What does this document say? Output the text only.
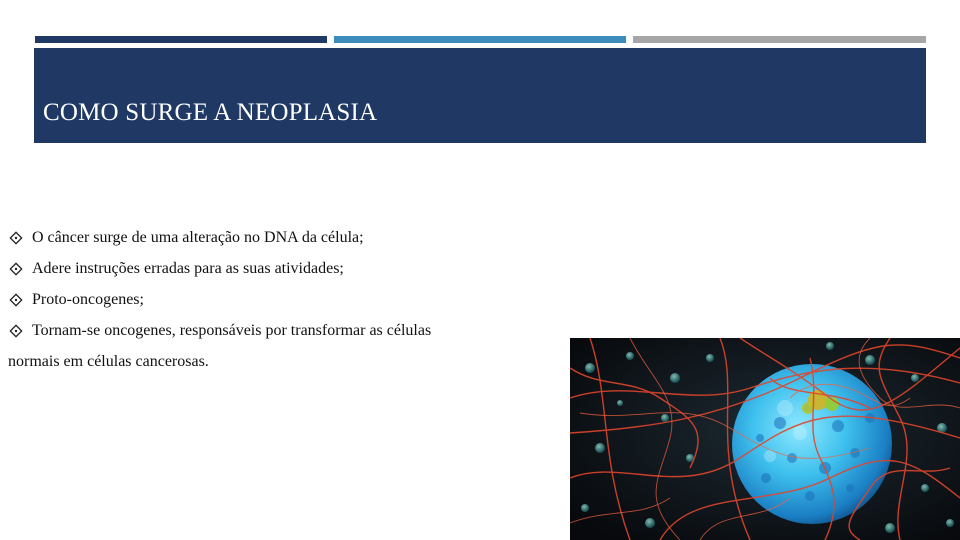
COMO SURGE A NEOPLASIA
O câncer surge de uma alteração no DNA da célula;
Adere instruções erradas para as suas atividades;
Proto-oncogenes;
Tornam-se oncogenes, responsáveis por transformar as células
normais em células cancerosas.
